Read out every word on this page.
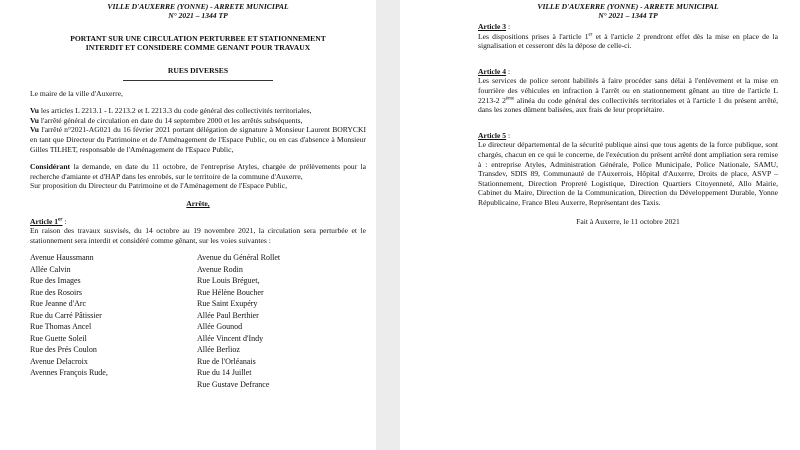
VILLE D'AUXERRE (YONNE) - ARRETE MUNICIPAL
N° 2021 – 1344 TP
PORTANT SUR UNE CIRCULATION PERTURBEE ET STATIONNEMENT
INTERDIT ET CONSIDERE COMME GENANT POUR TRAVAUX
RUES DIVERSES

Le maire de la ville d'Auxerre,

Vu les articles L 2213.1 - L 2213.2 et L 2213.3 du code général des collectivités territoriales,

Vu l'arrêté général de circulation en date du 14 septembre 2000 et les arrêtés subséquents,

Vu l'arrêté n°2021-AG021 du 16 février 2021 portant délégation de signature à Monsieur Laurent BORYCKI en tant que Directeur du Patrimoine et de l'Aménagement de l'Espace Public, ou en cas d'absence à Monsieur Gilles TILHET, responsable de l'Aménagement de l'Espace Public,

Considérant la demande, en date du 11 octobre, de l'entreprise Atyles, chargée de prélèvements pour la recherche d'amiante et d'HAP dans les enrobés, sur le territoire de la commune d'Auxerre,

Sur proposition du Directeur du Patrimoine et de l'Aménagement de l'Espace Public,

Arrête,
Article 1er :

En raison des travaux susvisés, du 14 octobre au 19 novembre 2021, la circulation sera perturbée et le stationnement sera interdit et considéré comme gênant, sur les voies suivantes :

Avenue Haussmann
Allée Calvin
Rue des Images
Rue des Rosoirs
Rue Jeanne d'Arc
Rue du Carré Pâtissier
Rue Thomas Ancel
Rue Guette Soleil
Rue des Prés Coulon
Avenue Delacroix
Avennes François Rude,
Avenue du Général Rollet
Avenue Rodin
Rue Louis Bréguet,
Rue Hélène Boucher
Rue Saint Exupéry
Allée Paul Berthier
Allée Gounod
Allée Vincent d'Indy
Allée Berlioz
Rue de l'Orléanais
Rue du 14 Juillet
Rue Gustave Defrance
VILLE D'AUXERRE (YONNE) - ARRETE MUNICIPAL
N° 2021 – 1344 TP
Article 3 :

Les dispositions prises à l'article 1er et à l'article 2 prendront effet dès la mise en place de la signalisation et cesseront dès la dépose de celle-ci.

Article 4 :

Les services de police seront habilités à faire procéder sans délai à l'enlèvement et la mise en fourrière des véhicules en infraction à l'arrêt ou en stationnement gênant au titre de l'article L 2213-2 2ème alinéa du code général des collectivités territoriales et à l'article 1 du présent arrêté, dans les zones dûment balisées, aux frais de leur propriétaire.

Article 5 :

Le directeur départemental de la sécurité publique ainsi que tous agents de la force publique, sont chargés, chacun en ce qui le concerne, de l'exécution du présent arrêté dont ampliation sera remise à : entreprise Atyles, Administration Générale, Police Municipale, Police Nationale, SAMU, Transdev, SDIS 89, Communauté de l'Auxerrois, Hôpital d'Auxerre, Droits de place, ASVP – Stationnement, Direction Propreté Logistique, Direction Quartiers Citoyenneté, Allo Mairie, Cabinet du Maire, Direction de la Communication, Direction du Développement Durable, Yonne Républicaine, France Bleu Auxerre, Représentant des Taxis.

Fait à Auxerre, le 11 octobre 2021
